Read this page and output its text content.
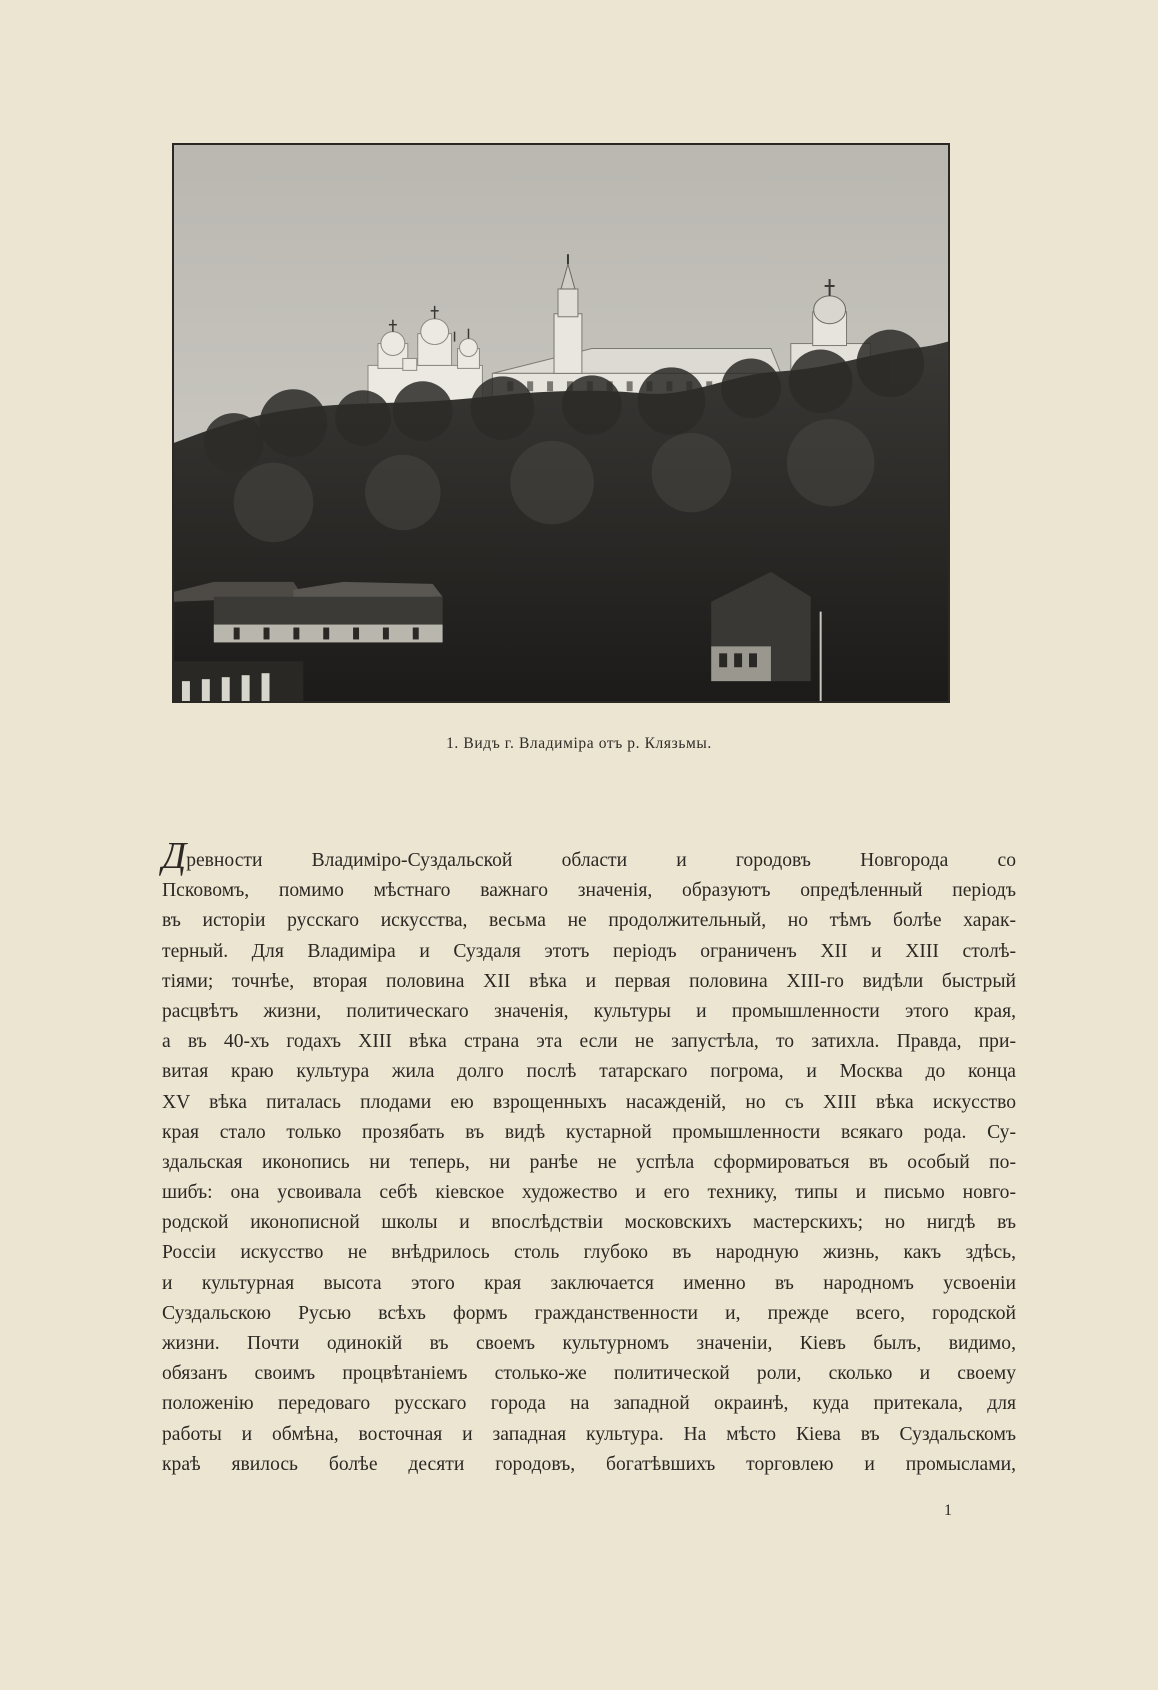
1. Видъ г. Владиміра отъ р. Клязьмы.
Древности Владиміро-Суздальской области и городовъ Новгорода со
Псковомъ, помимо мѣстнаго важнаго значенія, образуютъ опредѣленный періодъ
въ исторіи русскаго искусства, весьма не продолжительный, но тѣмъ болѣе харак-
терный. Для Владиміра и Суздаля этотъ періодъ ограниченъ XII и XIII столѣ-
тіями; точнѣе, вторая половина XII вѣка и первая половина XIII-го видѣли быстрый
расцвѣтъ жизни, политическаго значенія, культуры и промышленности этого края,
а въ 40-хъ годахъ XIII вѣка страна эта если не запустѣла, то затихла. Правда, при-
витая краю культура жила долго послѣ татарскаго погрома, и Москва до конца
XV вѣка питалась плодами ею взрощенныхъ насажденій, но съ XIII вѣка искусство
края стало только прозябать въ видѣ кустарной промышленности всякаго рода. Су-
здальская иконопись ни теперь, ни ранѣе не успѣла сформироваться въ особый по-
шибъ: она усвоивала себѣ кіевское художество и его технику, типы и письмо новго-
родской иконописной школы и впослѣдствіи московскихъ мастерскихъ; но нигдѣ въ
Россіи искусство не внѣдрилось столь глубоко въ народную жизнь, какъ здѣсь,
и культурная высота этого края заключается именно въ народномъ усвоеніи
Суздальскою Русью всѣхъ формъ гражданственности и, прежде всего, городской
жизни. Почти одинокій въ своемъ культурномъ значеніи, Кіевъ былъ, видимо,
обязанъ своимъ процвѣтаніемъ столько-же политической роли, сколько и своему
положенію передоваго русскаго города на западной окраинѣ, куда притекала, для
работы и обмѣна, восточная и западная культура. На мѣсто Кіева въ Суздальскомъ
краѣ явилось болѣе десяти городовъ, богатѣвшихъ торговлею и промыслами,
1
